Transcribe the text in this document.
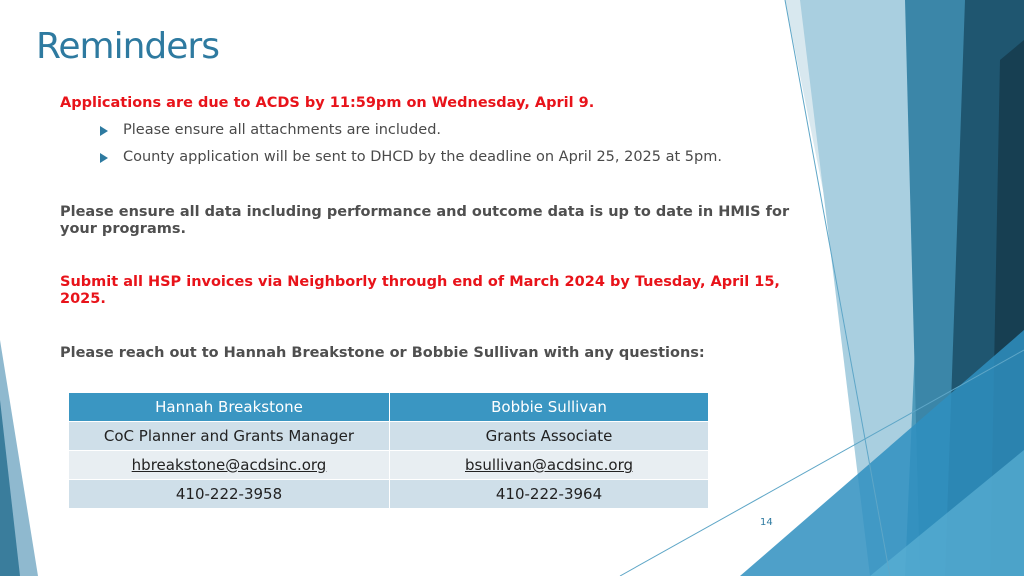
Reminders

Applications are due to ACDS by 11:59pm on Wednesday, April 9.

Please ensure all attachments are included.
County application will be sent to DHCD by the deadline on April 25, 2025 at 5pm.

Please ensure all data including performance and outcome data is up to date in HMIS for your programs.

Submit all HSP invoices via Neighborly through end of March 2024 by Tuesday, April 15, 2025.

Please reach out to Hannah Breakstone or Bobbie Sullivan with any questions:

Hannah Breakstone	Bobbie Sullivan
CoC Planner and Grants Manager	Grants Associate
hbreakstone@acdsinc.org	bsullivan@acdsinc.org
410-222-3958	410-222-3964
14
